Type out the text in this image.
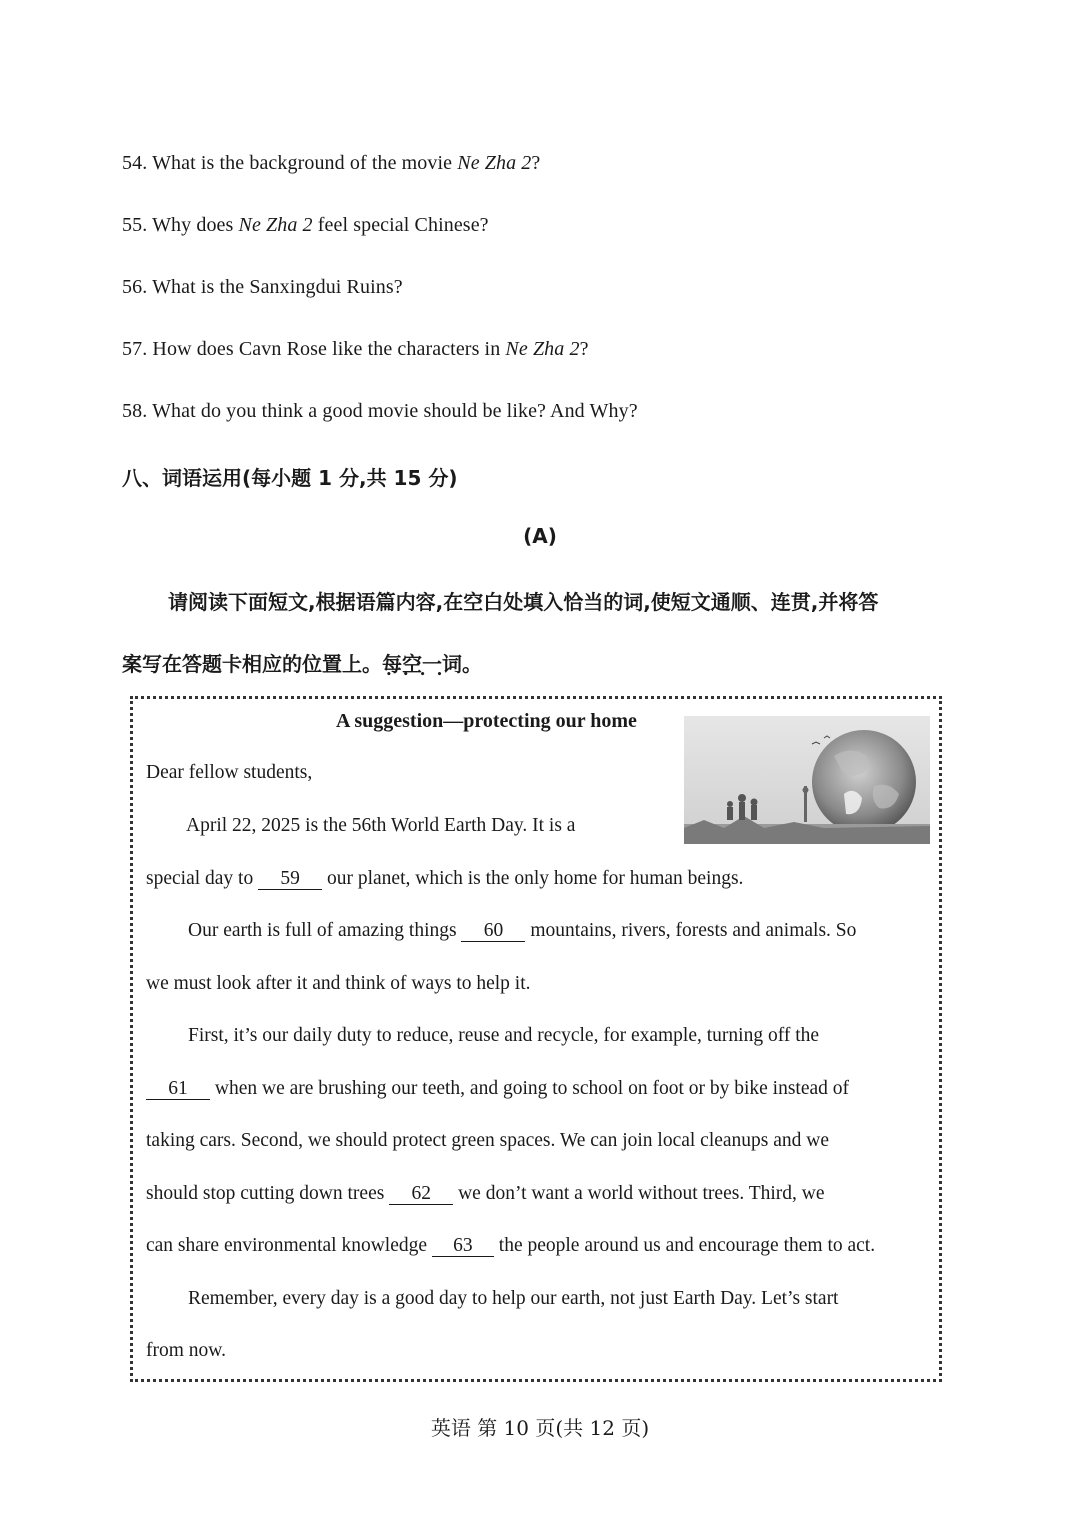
54. What is the background of the movie Ne Zha 2?
55. Why does Ne Zha 2 feel special Chinese?
56. What is the Sanxingdui Ruins?
57. How does Cavn Rose like the characters in Ne Zha 2?
58. What do you think a good movie should be like? And Why?
八、词语运用(每小题 1 分,共 15 分)
(A)
请阅读下面短文,根据语篇内容,在空白处填入恰当的词,使短文通顺、连贯,并将答
案写在答题卡相应的位置上。每空一词 • • • •。
A suggestion—protecting our home
Dear fellow students,
April 22, 2025 is the 56th World Earth Day. It is a
special day to 59 our planet, which is the only home for human beings.
Our earth is full of amazing things 60 mountains, rivers, forests and animals. So
we must look after it and think of ways to help it.
First, it’s our daily duty to reduce, reuse and recycle, for example, turning off the
61 when we are brushing our teeth, and going to school on foot or by bike instead of
taking cars. Second, we should protect green spaces. We can join local cleanups and we
should stop cutting down trees 62 we don’t want a world without trees. Third, we
can share environmental knowledge 63 the people around us and encourage them to act.
Remember, every day is a good day to help our earth, not just Earth Day. Let’s start
from now.
英语 第 10 页(共 12 页)
